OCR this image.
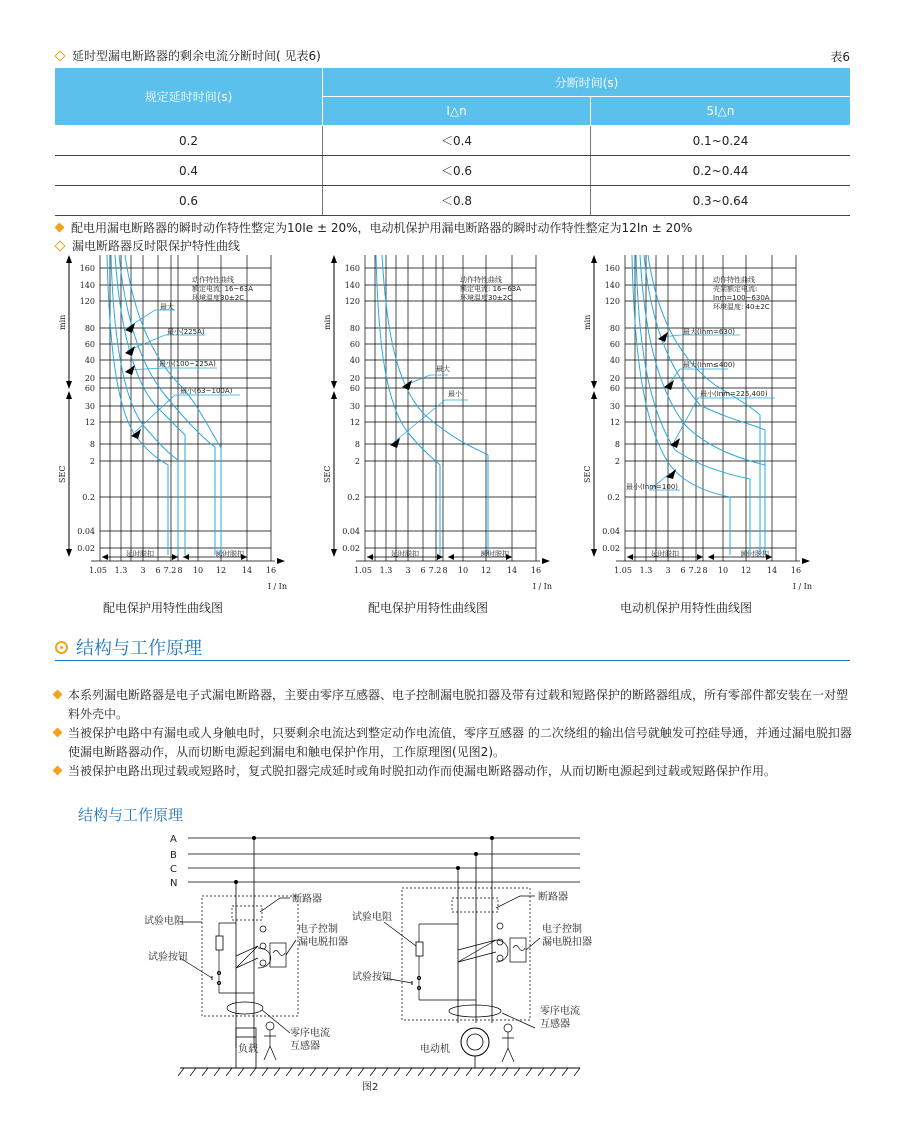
延时型漏电断路器的剩余电流分断时间( 见表6)	表6
规定延时时间(s)	分断时间(s)	
	I△n	5I△n
0.2	＜0.4	0.1~0.24
0.4	＜0.6	0.2~0.44
0.6	＜0.8	0.3~0.64
配电用漏电断路器的瞬时动作特性整定为10Ie ± 20%，电动机保护用漏电断路器的瞬时动作特性整定为12In ± 20%
漏电断路器反时限保护特性曲线
160
140
120
80
60
40
20
60
30
12
8
2
0.2
0.04
0.02
min
SEC
1.05 1.3 3 6 7.2 8 10 12 14 16
I / In
延时脱扣	瞬时脱扣
动作特性曲线
额定电流: 16~63A
环境温度30±2C
最大
最小(225A)
最小(100~225A)
最小(63~100A)
配电保护用特性曲线图
160
140
120
80
60
40
20
60
30
12
8
2
0.2
0.04
0.02
min
SEC
1.05 1.3 3 6 7.2 8 10 12 14 16
I / In
延时脱扣	瞬时脱扣
动作特性曲线
额定电流: 16~63A
环境温度30±2C
最大
最小
配电保护用特性曲线图
160
140
120
80
60
40
20
60
30
12
8
2
0.2
0.04
0.02
min
SEC
1.05 1.3 3 6 7.2 8 10 12 14 16
I / In
延时脱扣	瞬时脱扣
动作特性曲线
壳架额定电流:
Inm=100~630A
环境温度: 40±2C
最大(Inm=630)
最大(Inm≤400)
最小(Inm=225,400)
最小(Inm=100)
电动机保护用特性曲线图
结构与工作原理
本系列漏电断路器是电子式漏电断路器，主要由零序互感器、电子控制漏电脱扣器及带有过载和短路保护的断路器组成，所有零部件都安装在一对塑料外壳中。
当被保护电路中有漏电或人身触电时，只要剩余电流达到整定动作电流值，零序互感器 的二次绕组的输出信号就触发可控硅导通，并通过漏电脱扣器使漏电断路器动作，从而切断电源起到漏电和触电保护作用，工作原理图(见图2)。
当被保护电路出现过载或短路时，复式脱扣器完成延时或角时脱扣动作而使漏电断路器动作，从而切断电源起到过载或短路保护作用。
结构与工作原理
A
B
C
N
断路器
试验电阻
试验按钮
电子控制
漏电脱扣器
零序电流
互感器
负载
断路器
试验电阻
试验按钮
电子控制
漏电脱扣器
零序电流
互感器
电动机
图2
